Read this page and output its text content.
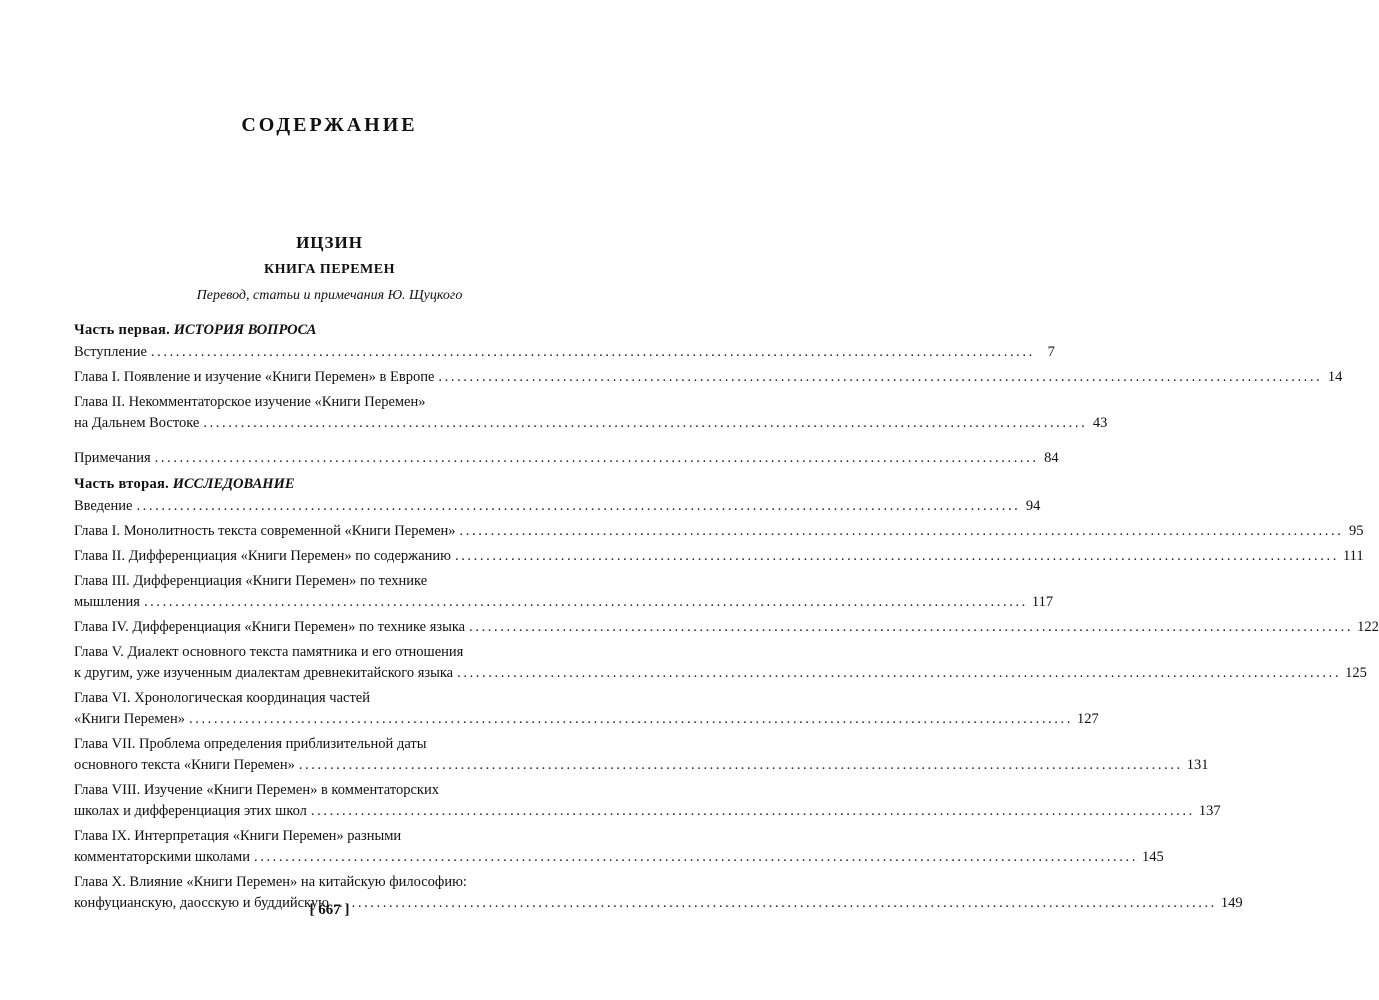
СОДЕРЖАНИЕ
ИЦЗИН
КНИГА ПЕРЕМЕН
Перевод, статьи и примечания Ю. Щуцкого
Часть первая. ИСТОРИЯ ВОПРОСА
Вступление .............................................................................................................................................. 7
Глава I. Появление и изучение «Книги Перемен» в Европе .............................................................................................................................................. 14
Глава II. Некомментаторское изучение «Книги Перемен»
на Дальнем Востоке .............................................................................................................................................. 43
Примечания .............................................................................................................................................. 84
Часть вторая. ИССЛЕДОВАНИЕ
Введение .............................................................................................................................................. 94
Глава I. Монолитность текста современной «Книги Перемен» .............................................................................................................................................. 95
Глава II. Дифференциация «Книги Перемен» по содержанию .............................................................................................................................................. 111
Глава III. Дифференциация «Книги Перемен» по технике
мышления .............................................................................................................................................. 117
Глава IV. Дифференциация «Книги Перемен» по технике языка .............................................................................................................................................. 122
Глава V. Диалект основного текста памятника и его отношения
к другим, уже изученным диалектам древнекитайского языка .............................................................................................................................................. 125
Глава VI. Хронологическая координация частей
«Книги Перемен» .............................................................................................................................................. 127
Глава VII. Проблема определения приблизительной даты
основного текста «Книги Перемен» .............................................................................................................................................. 131
Глава VIII. Изучение «Книги Перемен» в комментаторских
школах и дифференциация этих школ .............................................................................................................................................. 137
Глава IX. Интерпретация «Книги Перемен» разными
комментаторскими школами .............................................................................................................................................. 145
Глава X. Влияние «Книги Перемен» на китайскую философию:
конфуцианскую, даосскую и буддийскую .............................................................................................................................................. 149
[ 667 ]
